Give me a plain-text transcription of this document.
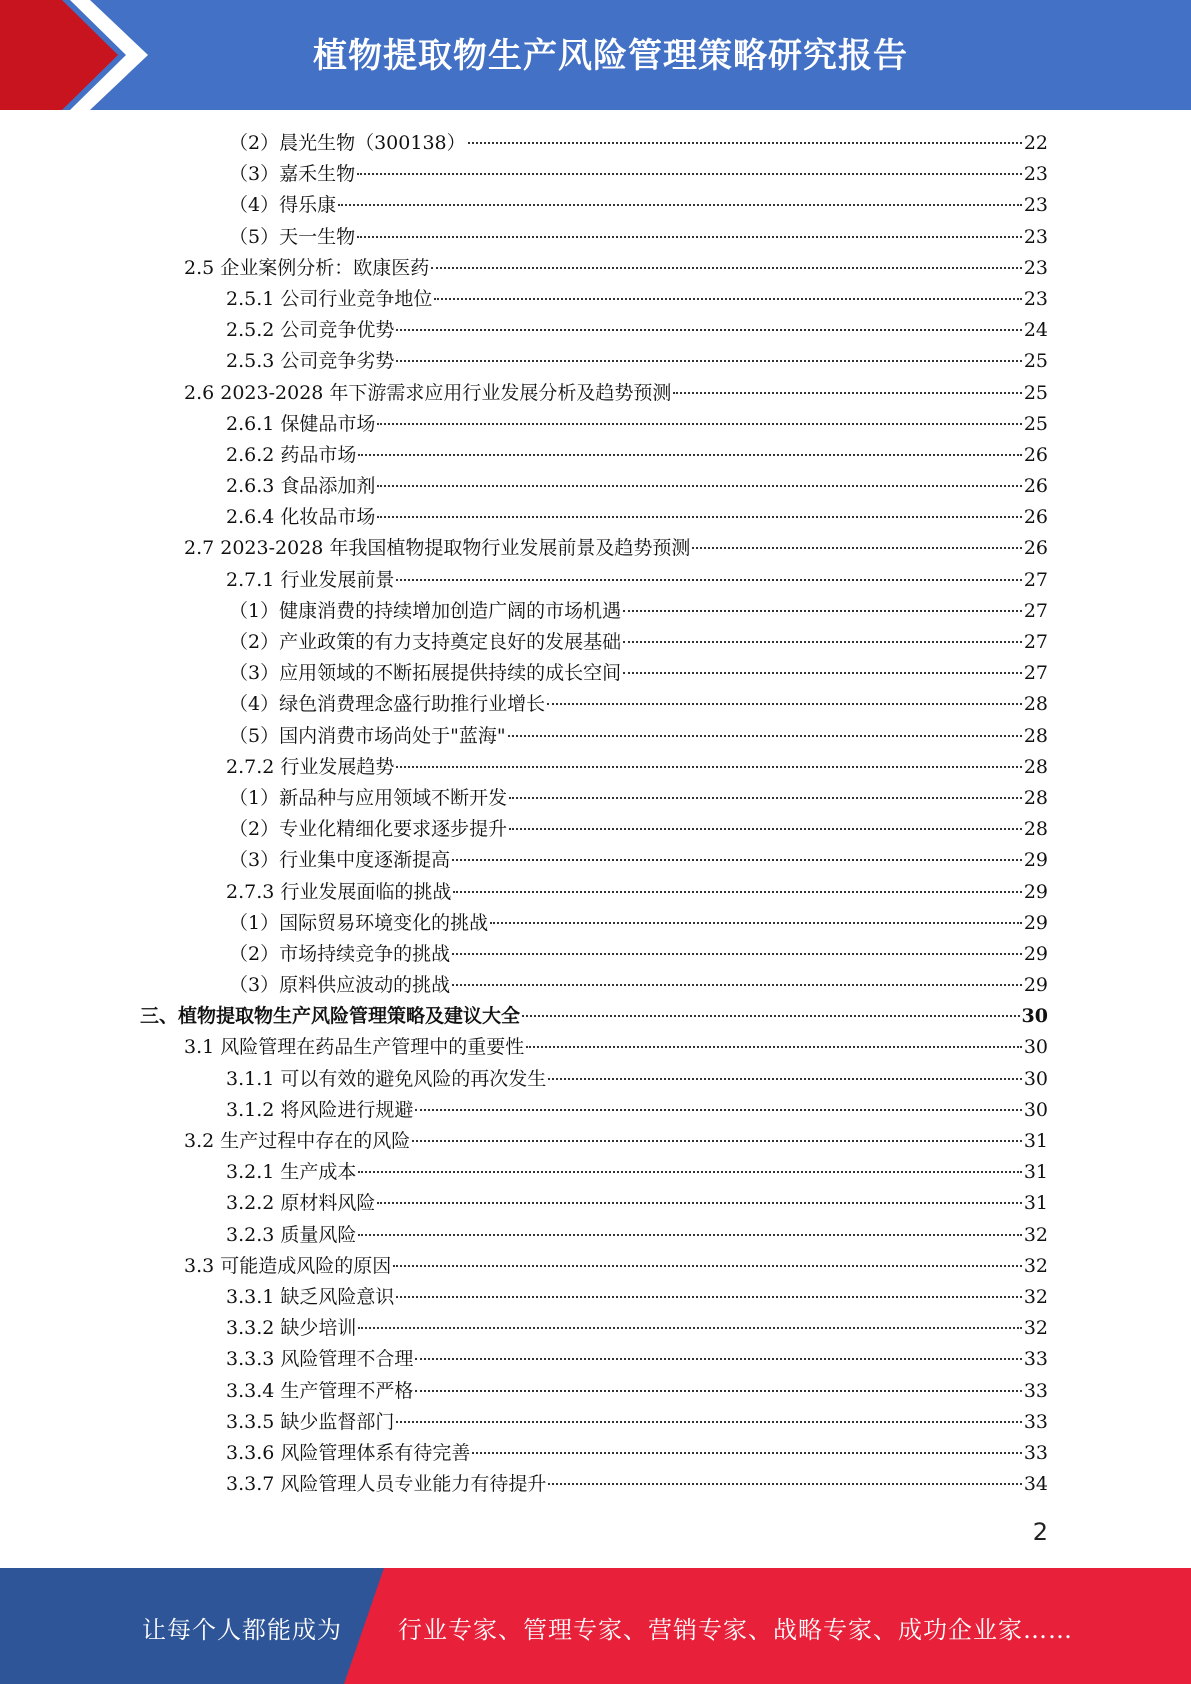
植物提取物生产风险管理策略研究报告
（2）晨光生物（300138）	22
（3）嘉禾生物	23
（4）得乐康	23
（5）天一生物	23
2.5 企业案例分析：欧康医药	23
2.5.1 公司行业竞争地位	23
2.5.2 公司竞争优势	24
2.5.3 公司竞争劣势	25
2.6 2023-2028 年下游需求应用行业发展分析及趋势预测	25
2.6.1 保健品市场	25
2.6.2 药品市场	26
2.6.3 食品添加剂	26
2.6.4 化妆品市场	26
2.7 2023-2028 年我国植物提取物行业发展前景及趋势预测	26
2.7.1 行业发展前景	27
（1）健康消费的持续增加创造广阔的市场机遇	27
（2）产业政策的有力支持奠定良好的发展基础	27
（3）应用领域的不断拓展提供持续的成长空间	27
（4）绿色消费理念盛行助推行业增长	28
（5）国内消费市场尚处于"蓝海"	28
2.7.2 行业发展趋势	28
（1）新品种与应用领域不断开发	28
（2）专业化精细化要求逐步提升	28
（3）行业集中度逐渐提高	29
2.7.3 行业发展面临的挑战	29
（1）国际贸易环境变化的挑战	29
（2）市场持续竞争的挑战	29
（3）原料供应波动的挑战	29
三、植物提取物生产风险管理策略及建议大全	30
3.1 风险管理在药品生产管理中的重要性	30
3.1.1 可以有效的避免风险的再次发生	30
3.1.2 将风险进行规避	30
3.2 生产过程中存在的风险	31
3.2.1 生产成本	31
3.2.2 原材料风险	31
3.2.3 质量风险	32
3.3 可能造成风险的原因	32
3.3.1 缺乏风险意识	32
3.3.2 缺少培训	32
3.3.3 风险管理不合理	33
3.3.4 生产管理不严格	33
3.3.5 缺少监督部门	33
3.3.6 风险管理体系有待完善	33
3.3.7 风险管理人员专业能力有待提升	34
2
让每个人都能成为 行业专家、管理专家、营销专家、战略专家、成功企业家……
